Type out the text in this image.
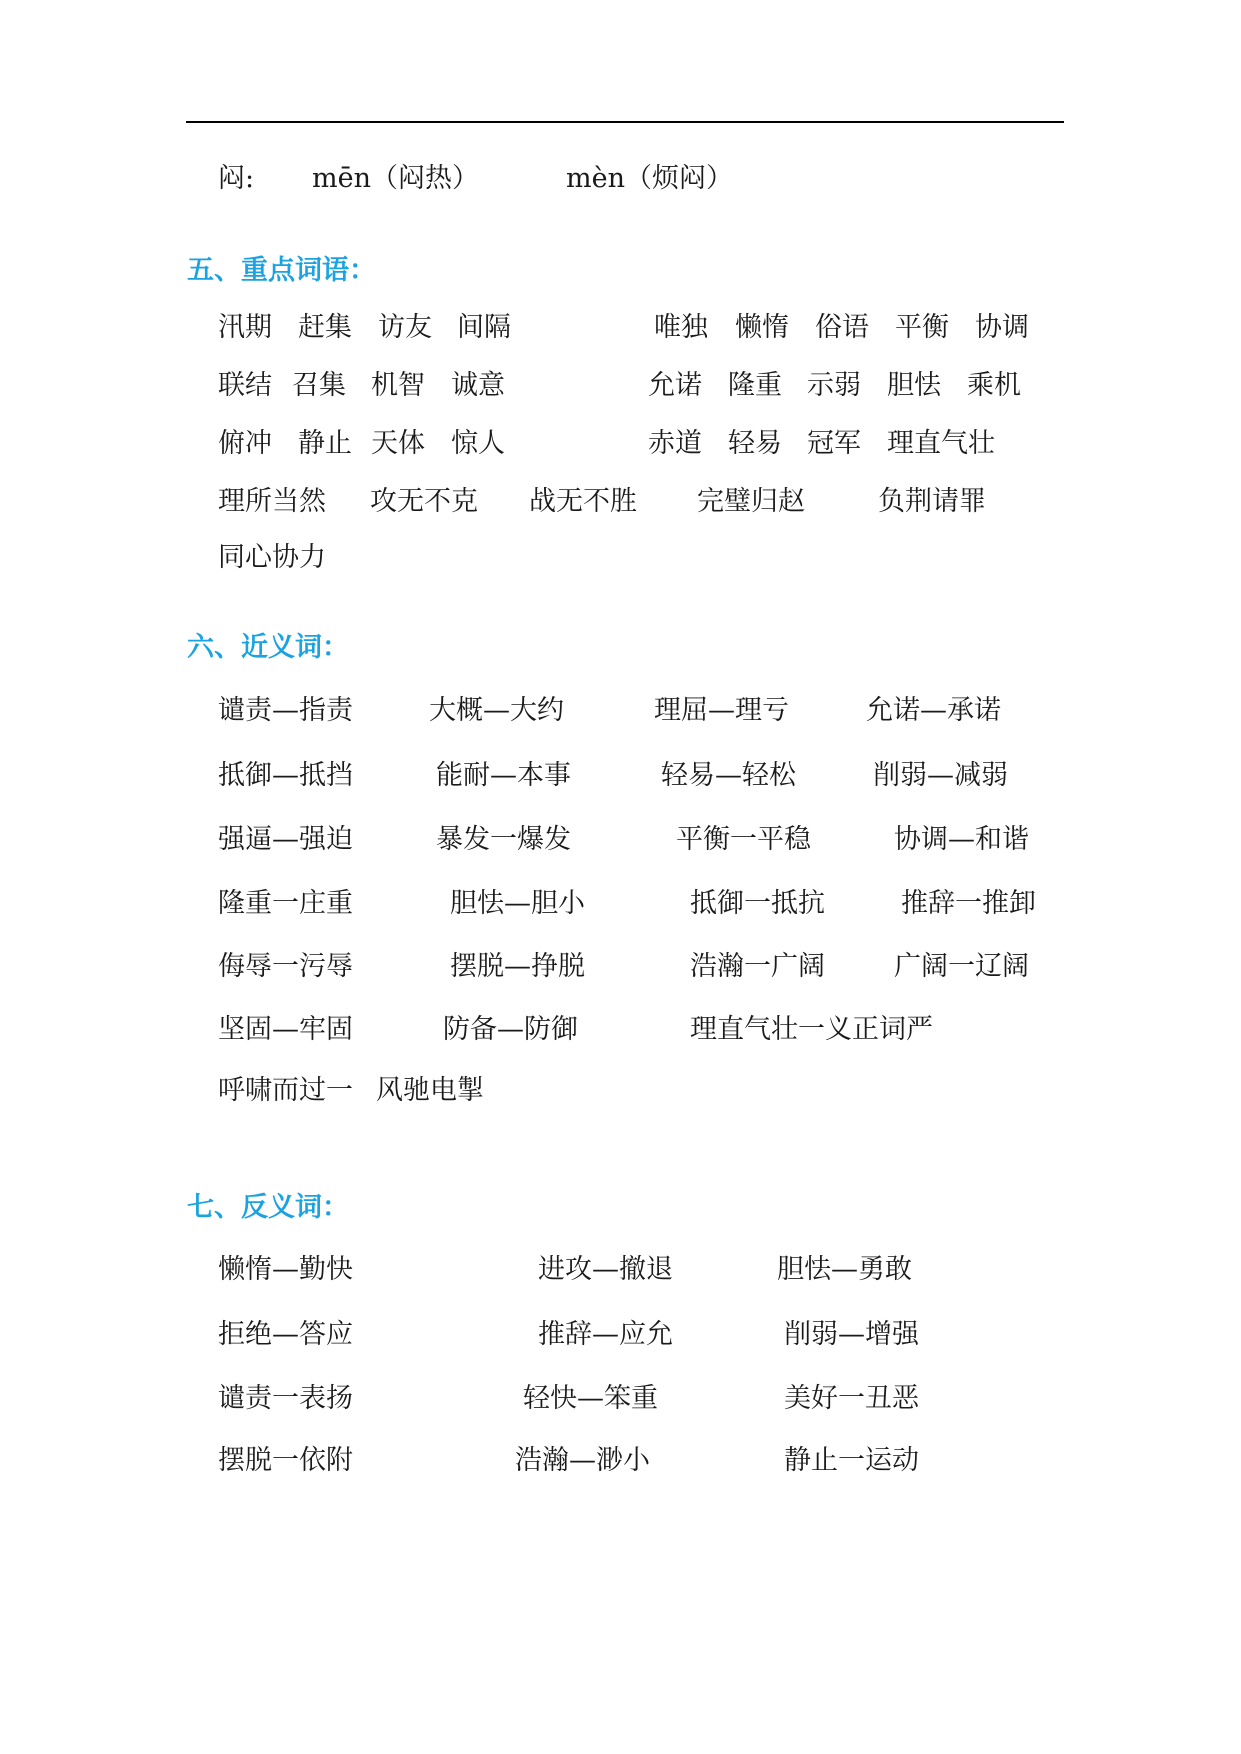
闷: mēn（闷热）	mèn（烦闷）
五、重点词语：
汛期 赶集 访友 间隔	唯独 懒惰 俗语 平衡 协调
联结 召集 机智 诚意	允诺 隆重 示弱 胆怯 乘机
俯冲 静止 天体 惊人	赤道 轻易 冠军 理直气壮
理所当然 攻无不克 战无不胜 完璧归赵	负荆请罪
同心协力
六、近义词：
谴责—指责	大概—大约	理屈—理亏	允诺—承诺
抵御—抵挡	能耐—本事	轻易—轻松	削弱—减弱
强逼—强迫	暴发一爆发	平衡一平稳	协调—和谐
隆重一庄重	胆怯—胆小	抵御一抵抗	推辞一推卸
侮辱一污辱	摆脱—挣脱	浩瀚一广阔	广阔一辽阔
坚固—牢固	防备—防御	理直气壮一义正词严
呼啸而过一 风驰电掣
七、反义词：
懒惰—勤快	进攻—撤退	胆怯—勇敢
拒绝—答应	推辞—应允	削弱—增强
谴责一表扬	轻快—笨重	美好一丑恶
摆脱一依附	浩瀚—渺小	静止一运动
